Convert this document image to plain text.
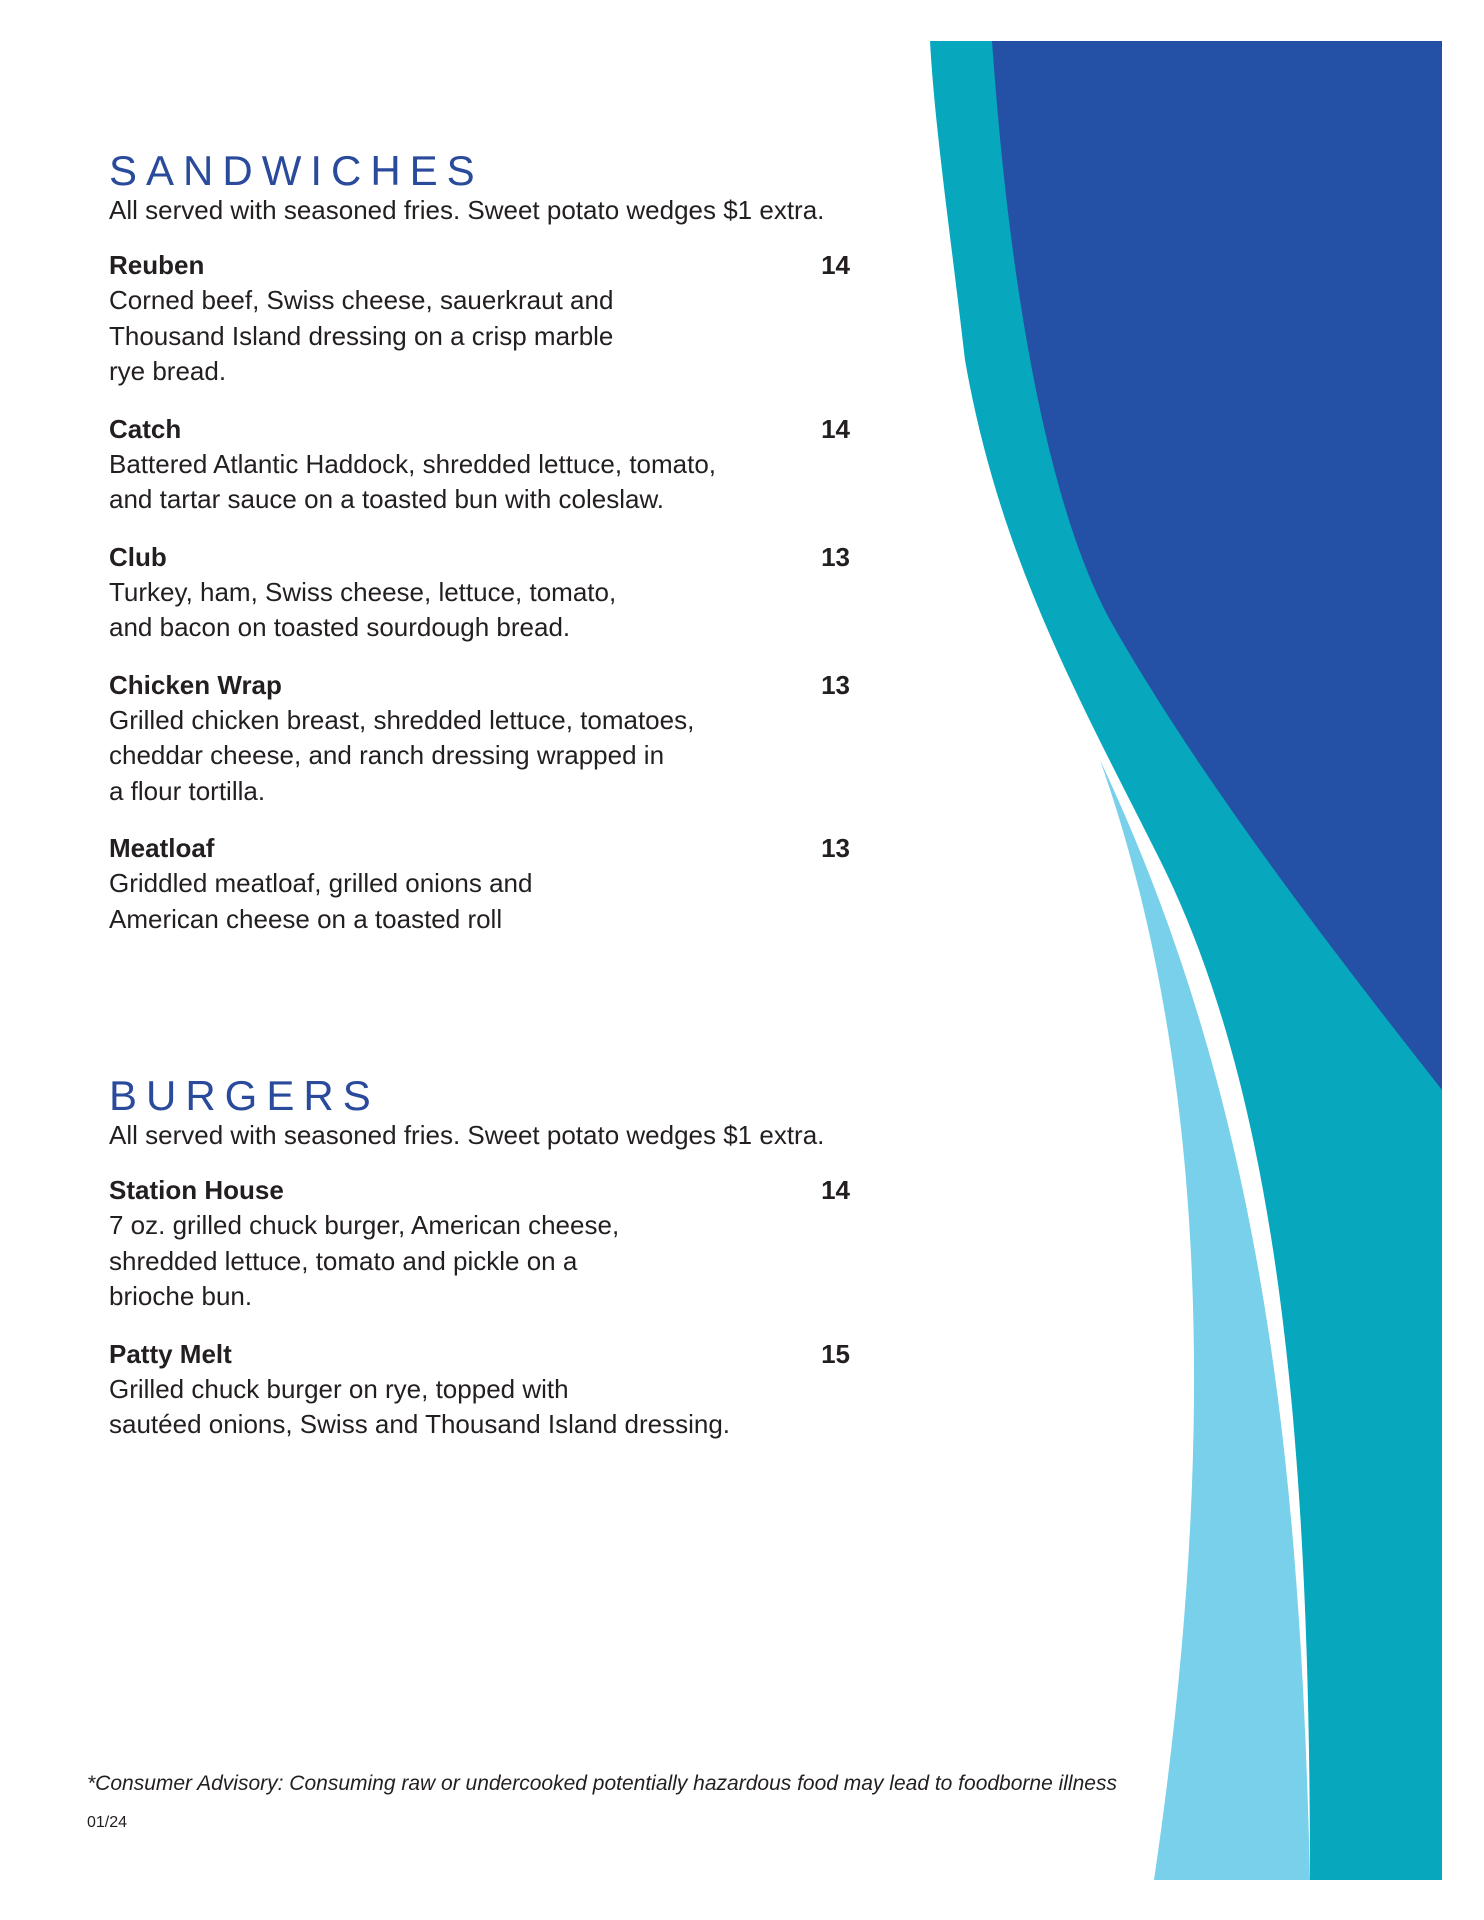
SANDWICHES

All served with seasoned fries. Sweet potato wedges $1 extra.

Reuben	14

Corned beef, Swiss cheese, sauerkraut and
Thousand Island dressing on a crisp marble
rye bread.

Catch	14

Battered Atlantic Haddock, shredded lettuce, tomato,
and tartar sauce on a toasted bun with coleslaw.

Club	13

Turkey, ham, Swiss cheese, lettuce, tomato,
and bacon on toasted sourdough bread.

Chicken Wrap	13

Grilled chicken breast, shredded lettuce, tomatoes,
cheddar cheese, and ranch dressing wrapped in
a flour tortilla.

Meatloaf	13

Griddled meatloaf, grilled onions and
American cheese on a toasted roll

BURGERS

All served with seasoned fries. Sweet potato wedges $1 extra.

Station House	14

7 oz. grilled chuck burger, American cheese,
shredded lettuce, tomato and pickle on a
brioche bun.

Patty Melt	15

Grilled chuck burger on rye, topped with
sautéed onions, Swiss and Thousand Island dressing.

*Consumer Advisory: Consuming raw or undercooked potentially hazardous food may lead to foodborne illness
01/24
